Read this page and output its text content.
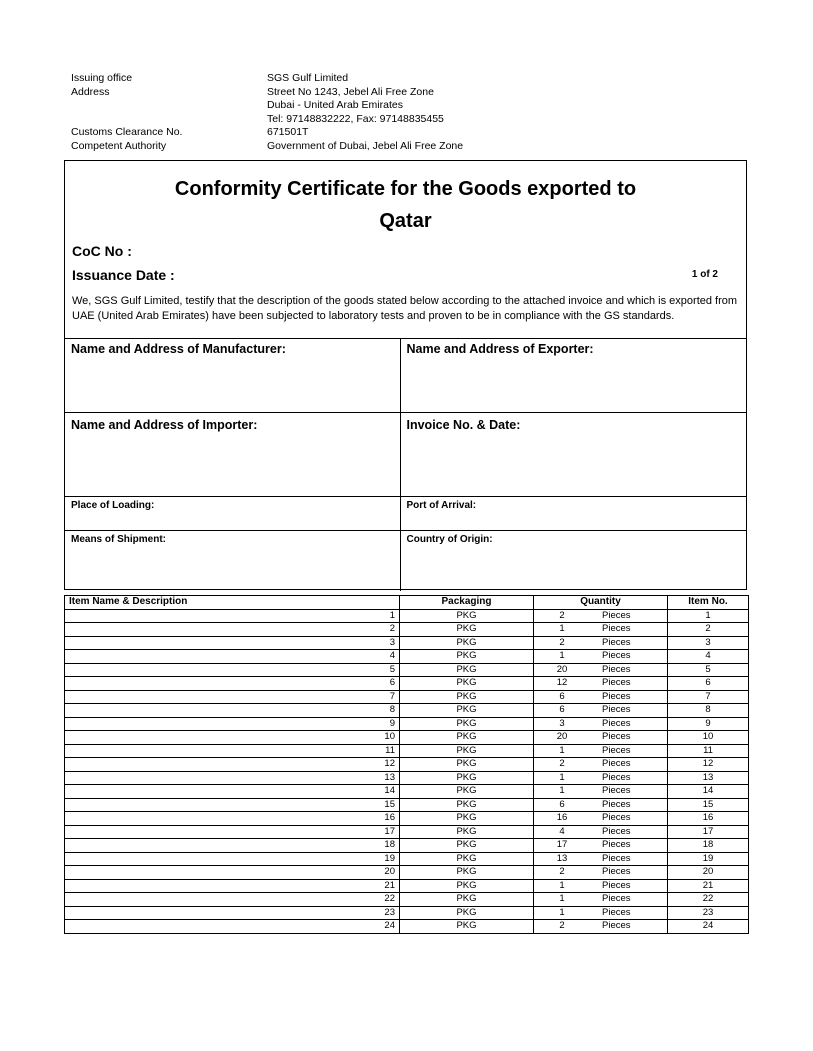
Issuing office	SGS Gulf Limited
Address	Street No 1243, Jebel Ali Free Zone
Dubai - United Arab Emirates
Tel: 97148832222, Fax: 97148835455
Customs Clearance No.	671501T
Competent Authority	Government of Dubai, Jebel Ali Free Zone
Conformity Certificate for the Goods exported to
Qatar
CoC No :
Issuance Date :	1 of 2
We, SGS Gulf Limited, testify that the description of the goods stated below according to the attached invoice and which is exported from UAE (United Arab Emirates) have been subjected to laboratory tests and proven to be in compliance with the GS standards.
Name and Address of Manufacturer:	Name and Address of Exporter:
Name and Address of Importer:	Invoice No. & Date:
Place of Loading:	Port of Arrival:
Means of Shipment:	Country of Origin:
Item Name & Description	Packaging	Quantity	Item No.
1	PKG	2 Pieces	1
2	PKG	1 Pieces	2
3	PKG	2 Pieces	3
4	PKG	1 Pieces	4
5	PKG	20 Pieces	5
6	PKG	12 Pieces	6
7	PKG	6 Pieces	7
8	PKG	6 Pieces	8
9	PKG	3 Pieces	9
10	PKG	20 Pieces	10
11	PKG	1 Pieces	11
12	PKG	2 Pieces	12
13	PKG	1 Pieces	13
14	PKG	1 Pieces	14
15	PKG	6 Pieces	15
16	PKG	16 Pieces	16
17	PKG	4 Pieces	17
18	PKG	17 Pieces	18
19	PKG	13 Pieces	19
20	PKG	2 Pieces	20
21	PKG	1 Pieces	21
22	PKG	1 Pieces	22
23	PKG	1 Pieces	23
24	PKG	2 Pieces	24
